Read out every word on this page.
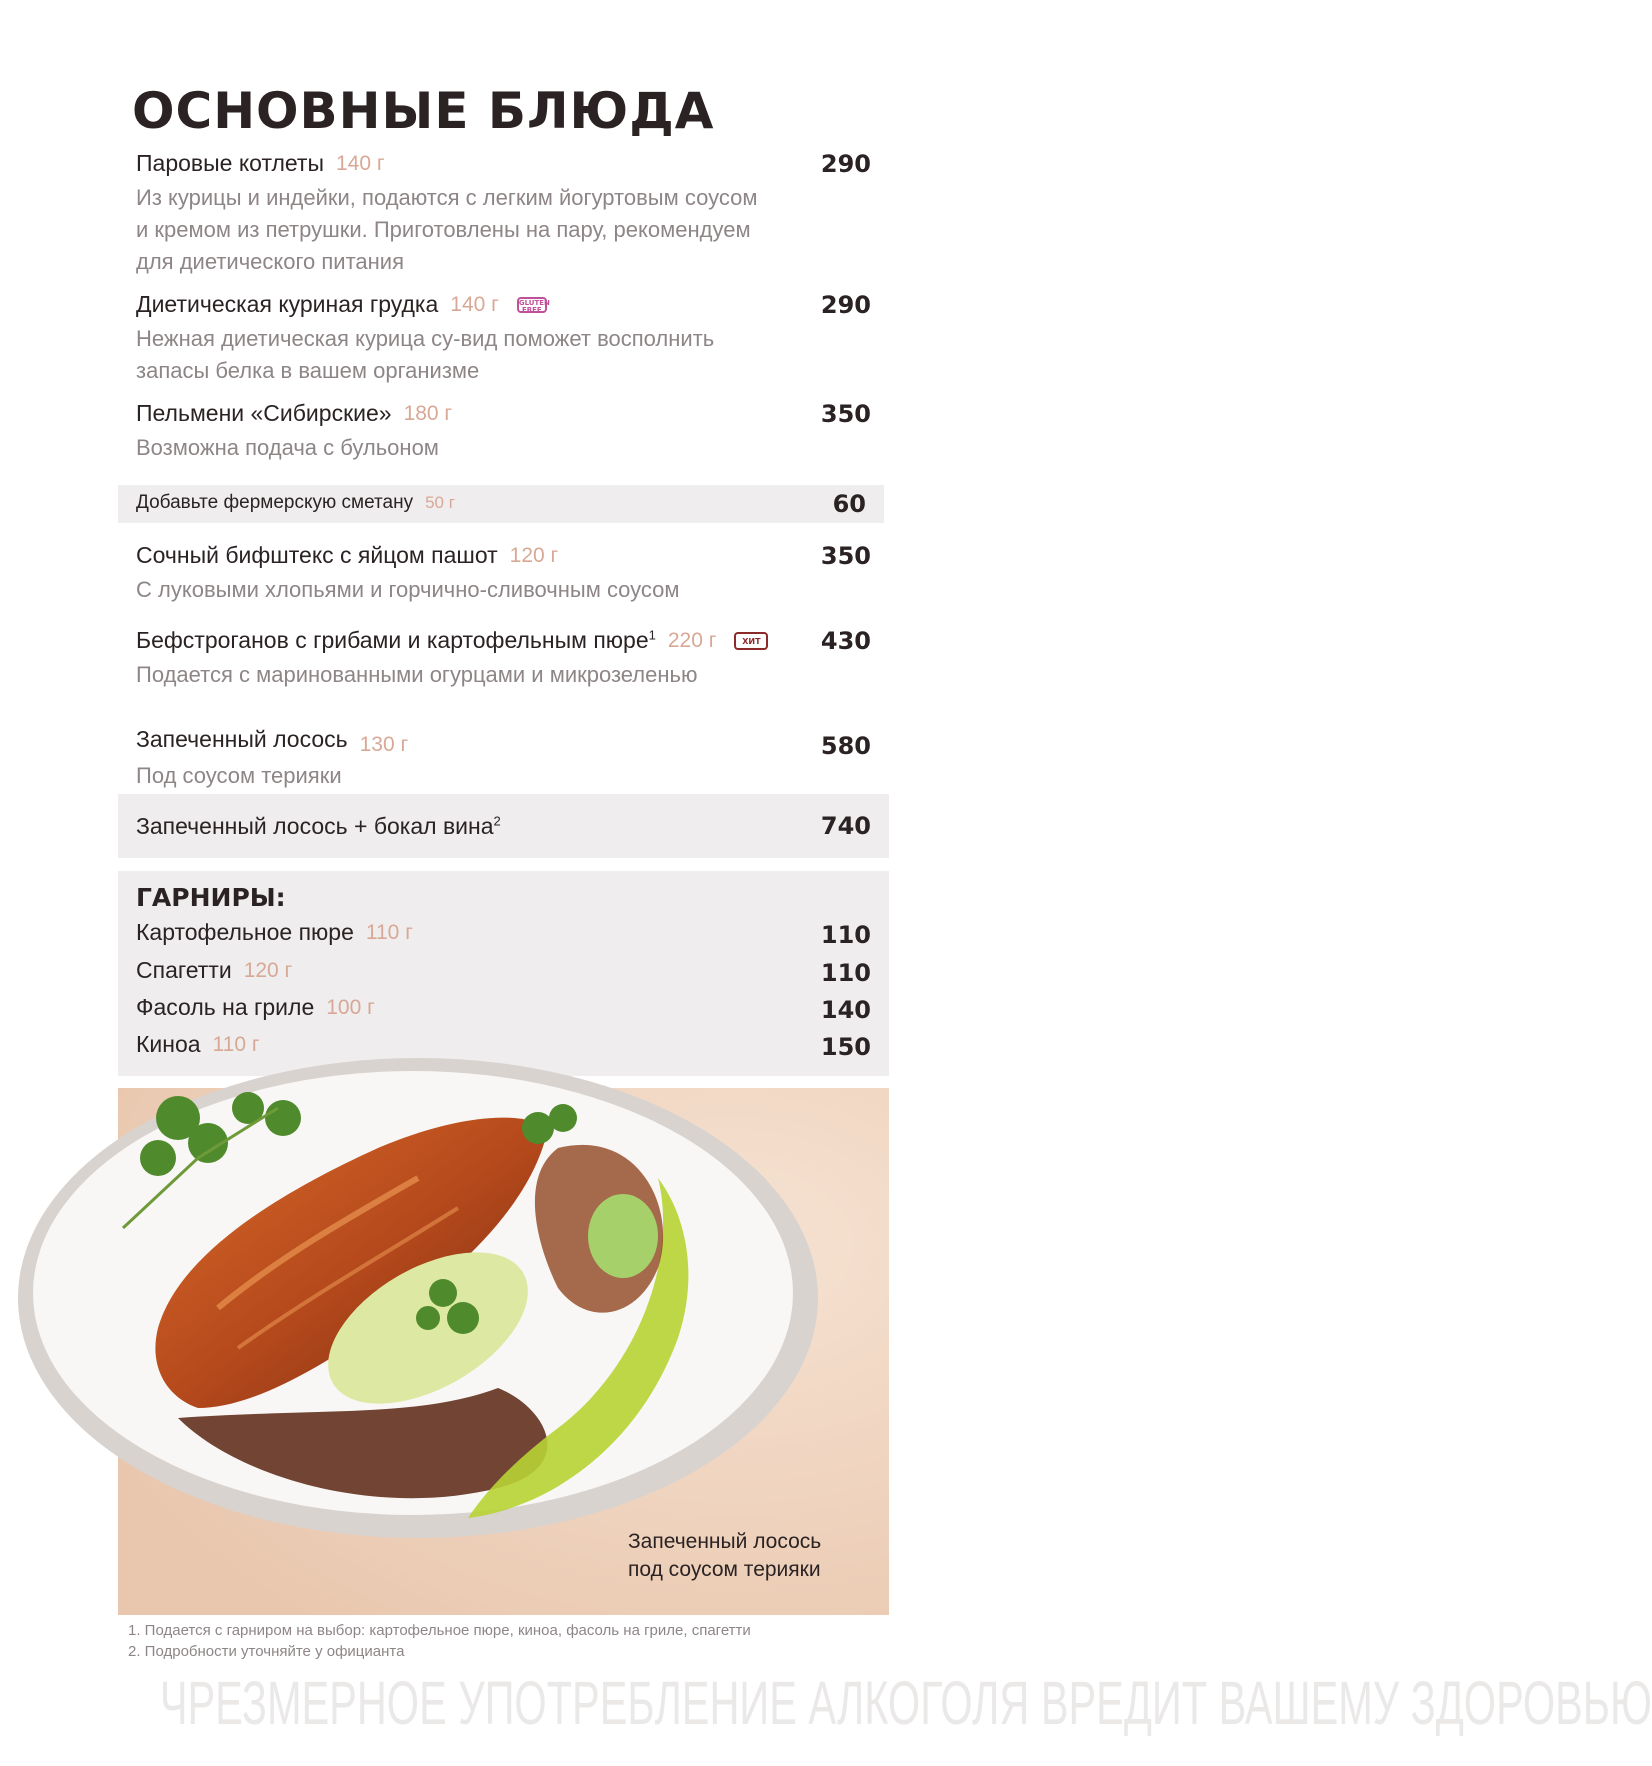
ОСНОВНЫЕ БЛЮДА
Паровые котлеты 140 г	290
Из курицы и индейки, подаются с легким йогуртовым соусом
и кремом из петрушки. Приготовлены на пару, рекомендуем
для диетического питания
Диетическая куриная грудка 140 г	GLUTEN FREE	290
Нежная диетическая курица су-вид поможет восполнить
запасы белка в вашем организме
Пельмени «Сибирские» 180 г	350
Возможна подача с бульоном
Добавьте фермерскую сметану 50 г	60
Сочный бифштекс с яйцом пашот 120 г	350
С луковыми хлопьями и горчично-сливочным соусом
Бефстроганов с грибами и картофельным пюре$^1$ 220 г	ХИТ	430
Подается с маринованными огурцами и микрозеленью
Запеченный лосось 130 г	580
Под соусом терияки
Запеченный лосось + бокал вина$^2$	740
ГАРНИРЫ:
Картофельное пюре 110 г	110
Спагетти 120 г	110
Фасоль на гриле 100 г	140
Киноа 110 г	150
Запеченный лосось
под соусом терияки
1. Подается с гарниром на выбор: картофельное пюре, киноа, фасоль на гриле, спагетти
2. Подробности уточняйте у официанта
ЧРЕЗМЕРНОЕ УПОТРЕБЛЕНИЕ АЛКОГОЛЯ ВРЕДИТ ВАШЕМУ ЗДОРОВЬЮ
